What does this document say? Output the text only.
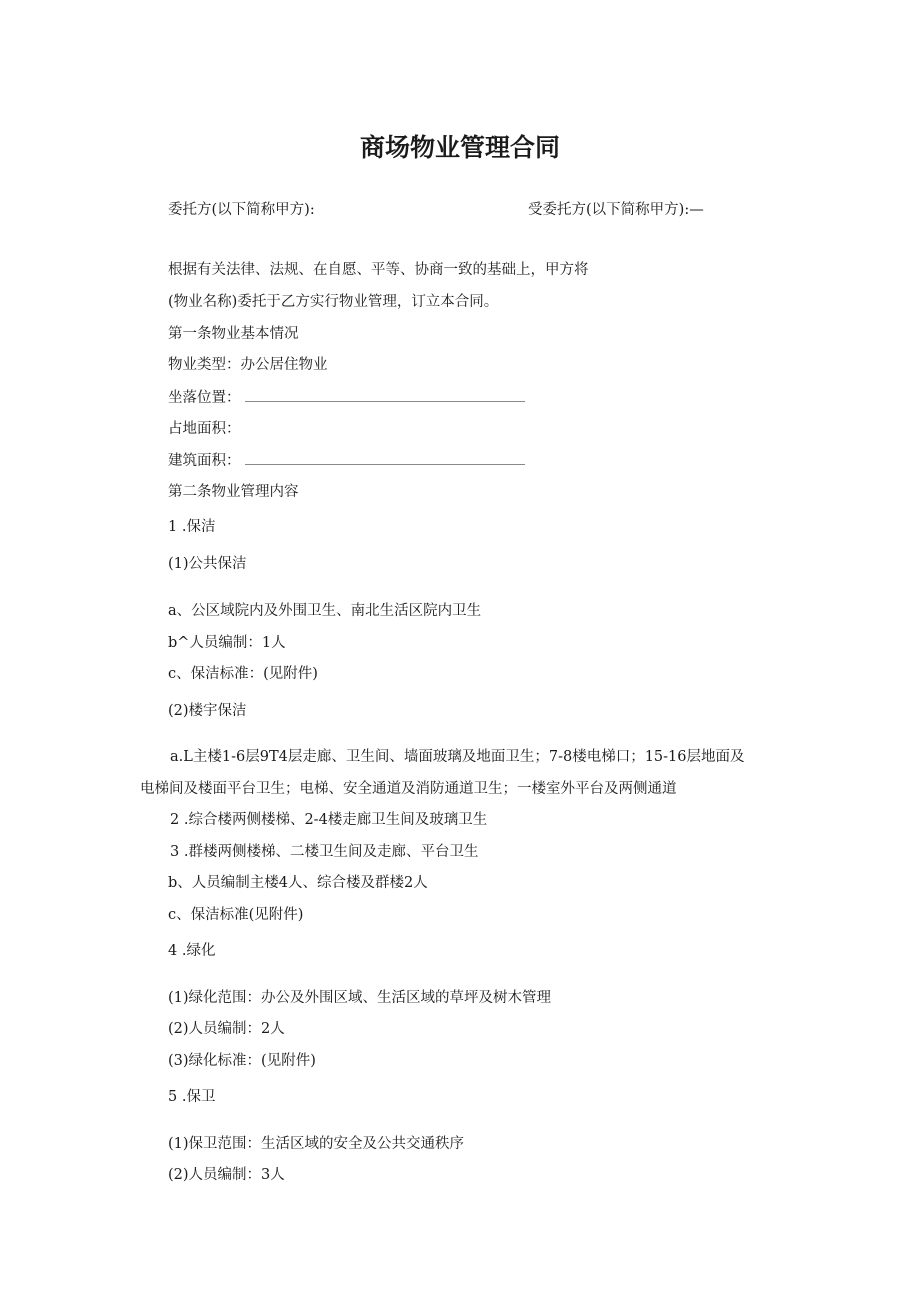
商场物业管理合同
委托方(以下简称甲方):	受委托方(以下简称甲方):—
根据有关法律、法规、在自愿、平等、协商一致的基础上，甲方将
(物业名称)委托于乙方实行物业管理，订立本合同。
第一条物业基本情况
物业类型：办公居住物业
坐落位置：
占地面积：
建筑面积：
第二条物业管理内容
1 .保洁
(1)公共保洁
a、公区域院内及外围卫生、南北生活区院内卫生
b^人员编制：1人
c、保洁标准：(见附件)
(2)楼宇保洁
a.L主楼1-6层9T4层走廊、卫生间、墙面玻璃及地面卫生；7-8楼电梯口；15-16层地面及
电梯间及楼面平台卫生；电梯、安全通道及消防通道卫生；一楼室外平台及两侧通道
2 .综合楼两侧楼梯、2-4楼走廊卫生间及玻璃卫生
3 .群楼两侧楼梯、二楼卫生间及走廊、平台卫生
b、人员编制主楼4人、综合楼及群楼2人
c、保洁标准(见附件)
4 .绿化
(1)绿化范围：办公及外围区域、生活区域的草坪及树木管理
(2)人员编制：2人
(3)绿化标准：(见附件)
5 .保卫
(1)保卫范围：生活区域的安全及公共交通秩序
(2)人员编制：3人
